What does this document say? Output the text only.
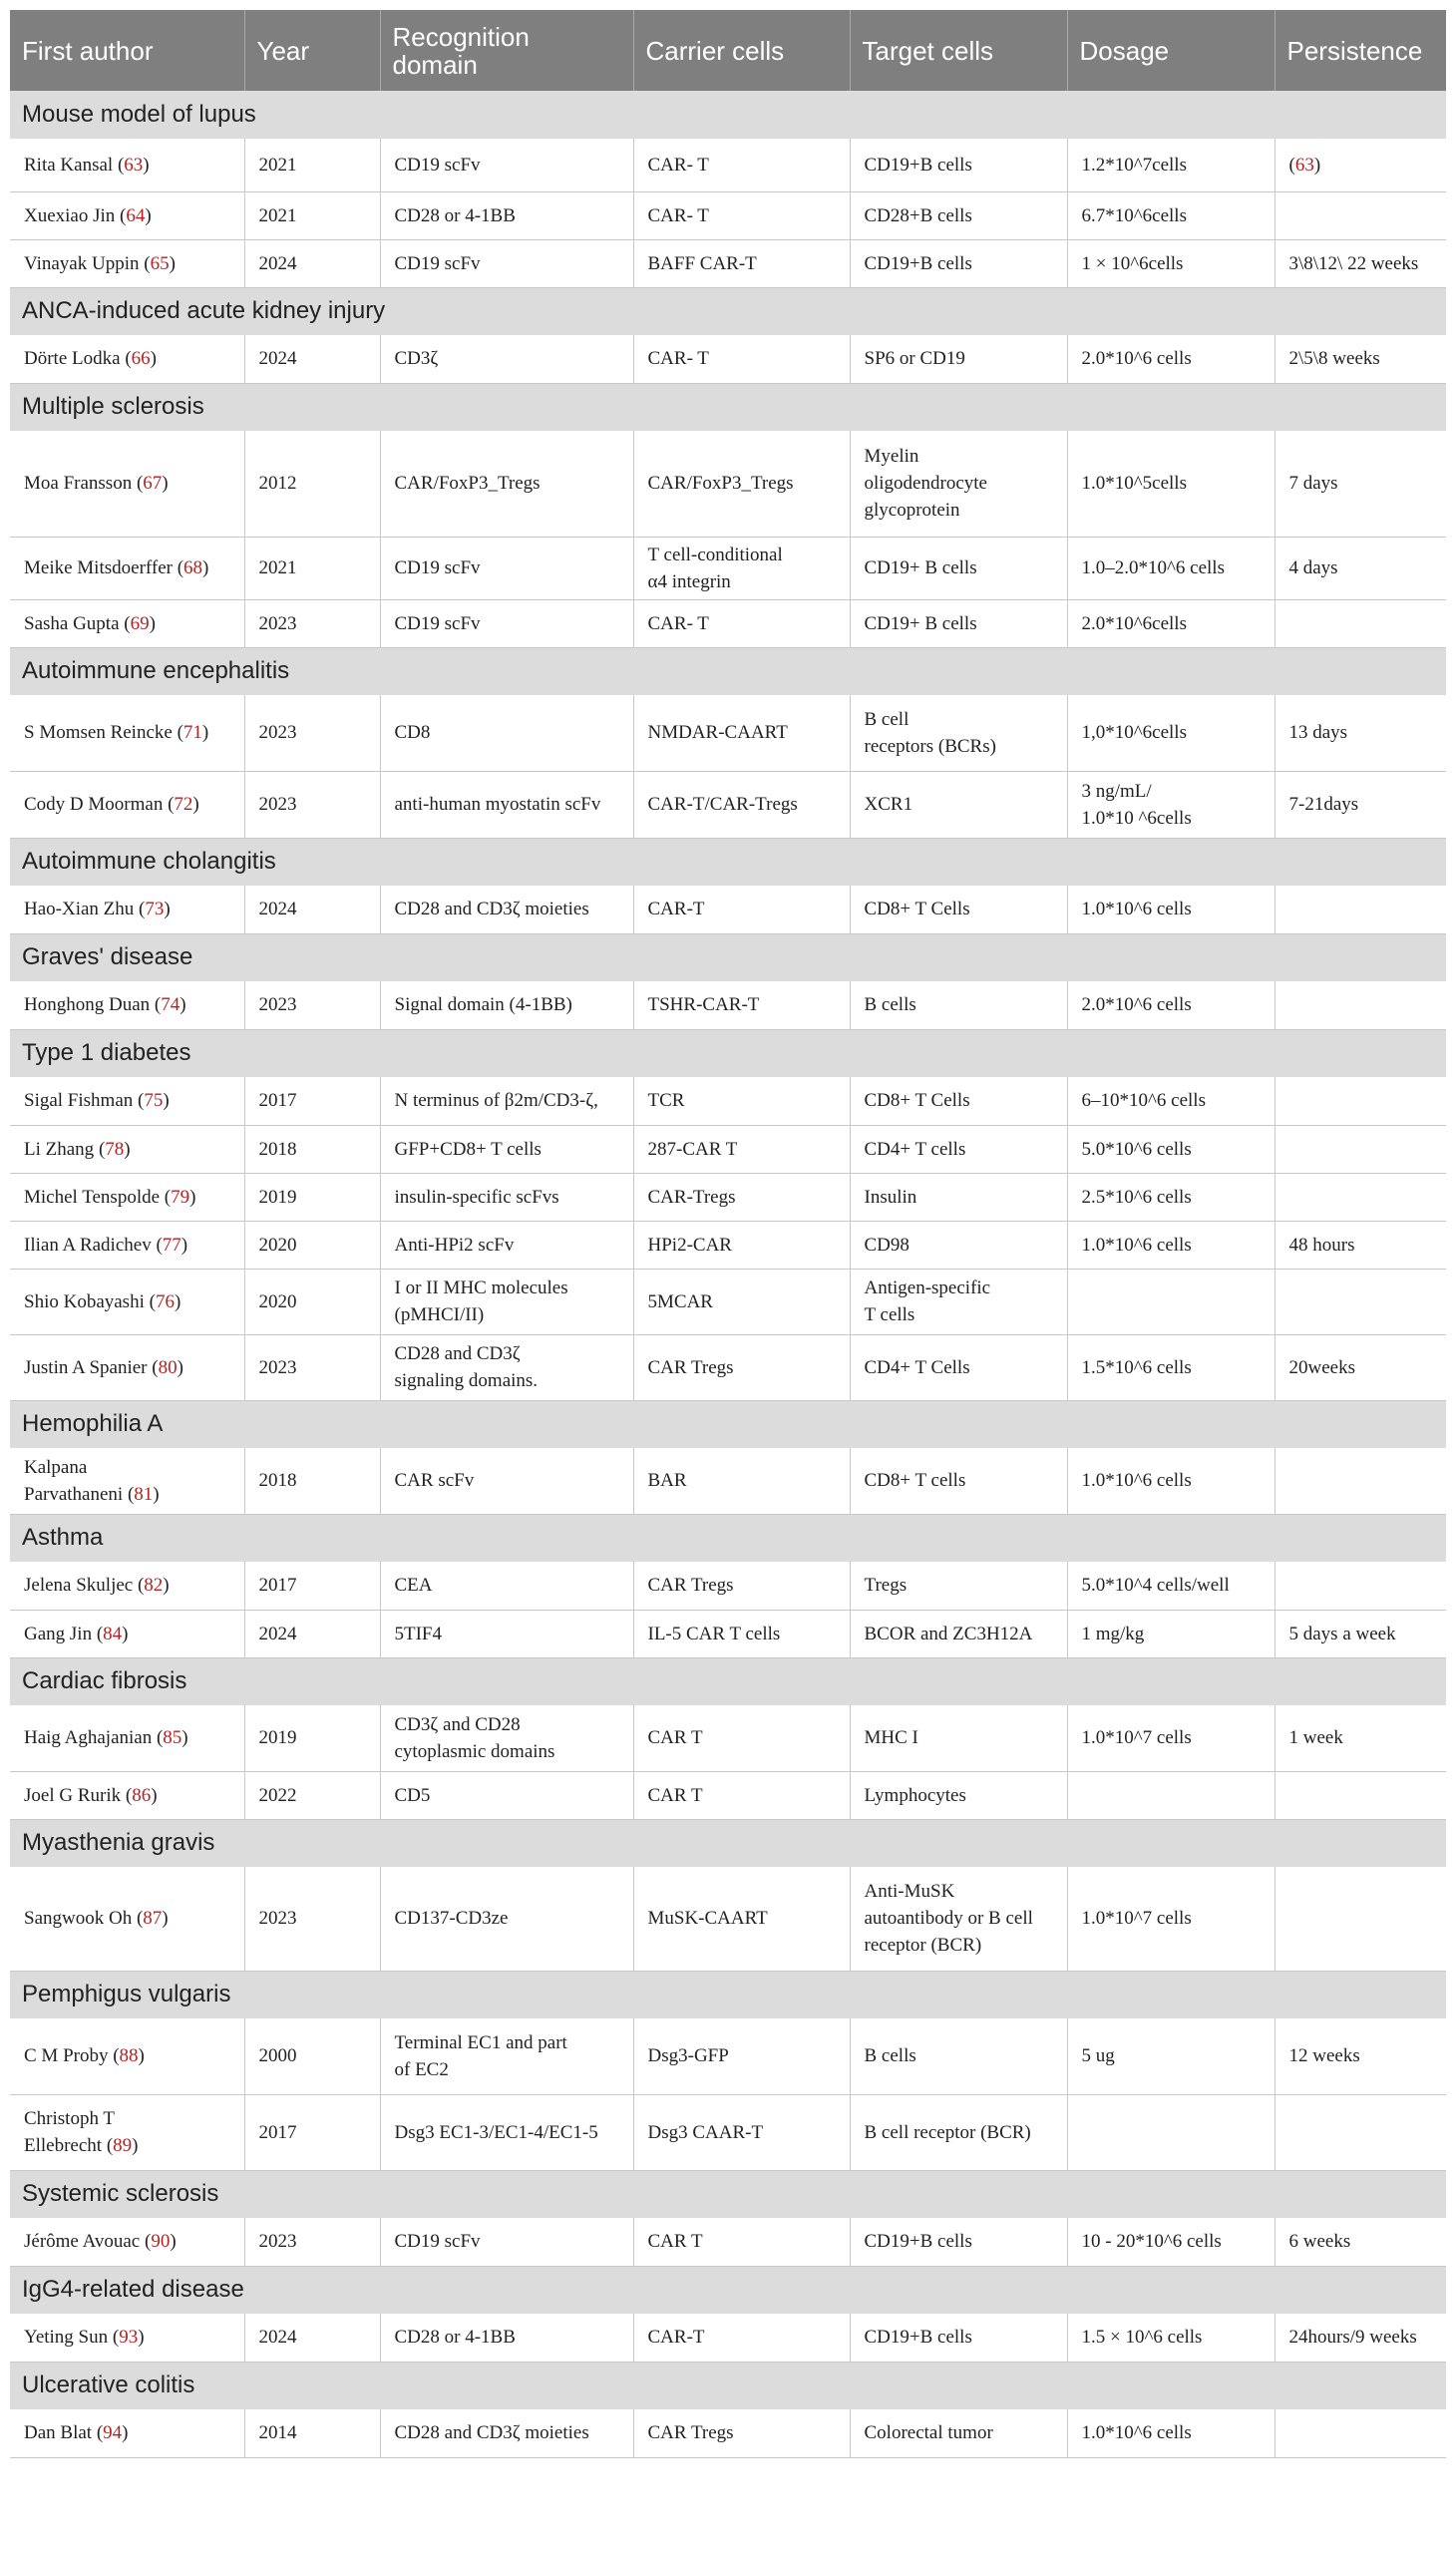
First author	Year	Recognition domain	Carrier cells	Target cells	Dosage	Persistence
Mouse model of lupus						

Rita Kansal (63)	2021	CD19 scFv	CAR- T	CD19+B cells	1.2*10^7cells	(63)

Xuexiao Jin (64)	2021	CD28 or 4-1BB	CAR- T	CD28+B cells	6.7*10^6cells	

Vinayak Uppin (65)	2024	CD19 scFv	BAFF CAR-T	CD19+B cells	1 × 10^6cells	3\8\12\ 22 weeks

ANCA-induced acute kidney injury						

Dörte Lodka (66)	2024	CD3ζ	CAR- T	SP6 or CD19	2.0*10^6 cells	2\5\8 weeks

Multiple sclerosis						

Moa Fransson (67)	2012	CAR/FoxP3_Tregs	CAR/FoxP3_Tregs	Myelin
oligodendrocyte
glycoprotein	1.0*10^5cells	7 days

Meike Mitsdoerffer (68)	2021	CD19 scFv	T cell-conditional
α4 integrin	CD19+ B cells	1.0–2.0*10^6 cells	4 days

Sasha Gupta (69)	2023	CD19 scFv	CAR- T	CD19+ B cells	2.0*10^6cells	

Autoimmune encephalitis						

S Momsen Reincke (71)	2023	CD8	NMDAR-CAART	B cell
receptors (BCRs)	1,0*10^6cells	13 days

Cody D Moorman (72)	2023	anti-human myostatin scFv	CAR-T/CAR-Tregs	XCR1	3 ng/mL/
1.0*10 ^6cells	7-21days

Autoimmune cholangitis						

Hao-Xian Zhu (73)	2024	CD28 and CD3ζ moieties	CAR-T	CD8+ T Cells	1.0*10^6 cells	

Graves' disease						

Honghong Duan (74)	2023	Signal domain (4-1BB)	TSHR-CAR-T	B cells	2.0*10^6 cells	

Type 1 diabetes						

Sigal Fishman (75)	2017	N terminus of β2m/CD3-ζ,	TCR	CD8+ T Cells	6–10*10^6 cells	

Li Zhang (78)	2018	GFP+CD8+ T cells	287-CAR T	CD4+ T cells	5.0*10^6 cells	

Michel Tenspolde (79)	2019	insulin-specific scFvs	CAR-Tregs	Insulin	2.5*10^6 cells	

Ilian A Radichev (77)	2020	Anti-HPi2 scFv	HPi2-CAR	CD98	1.0*10^6 cells	48 hours

Shio Kobayashi (76)	2020	I or II MHC molecules
(pMHCI/II)	5MCAR	Antigen-specific
T cells		

Justin A Spanier (80)	2023	CD28 and CD3ζ
signaling domains.	CAR Tregs	CD4+ T Cells	1.5*10^6 cells	20weeks

Hemophilia A						

Kalpana
Parvathaneni (81)	2018	CAR scFv	BAR	CD8+ T cells	1.0*10^6 cells	

Asthma						

Jelena Skuljec (82)	2017	CEA	CAR Tregs	Tregs	5.0*10^4 cells/well	

Gang Jin (84)	2024	5TIF4	IL-5 CAR T cells	BCOR and ZC3H12A	1 mg/kg	5 days a week

Cardiac fibrosis						

Haig Aghajanian (85)	2019	CD3ζ and CD28
cytoplasmic domains	CAR T	MHC I	1.0*10^7 cells	1 week

Joel G Rurik (86)	2022	CD5	CAR T	Lymphocytes		

Myasthenia gravis						

Sangwook Oh (87)	2023	CD137-CD3ze	MuSK-CAART	Anti-MuSK
autoantibody or B cell
receptor (BCR)	1.0*10^7 cells	

Pemphigus vulgaris						

C M Proby (88)	2000	Terminal EC1 and part
of EC2	Dsg3-GFP	B cells	5 ug	12 weeks

Christoph T
Ellebrecht (89)	2017	Dsg3 EC1-3/EC1-4/EC1-5	Dsg3 CAAR-T	B cell receptor (BCR)		

Systemic sclerosis						

Jérôme Avouac (90)	2023	CD19 scFv	CAR T	CD19+B cells	10 - 20*10^6 cells	6 weeks

IgG4-related disease						

Yeting Sun (93)	2024	CD28 or 4-1BB	CAR-T	CD19+B cells	1.5 × 10^6 cells	24hours/9 weeks

Ulcerative colitis						

Dan Blat (94)	2014	CD28 and CD3ζ moieties	CAR Tregs	Colorectal tumor	1.0*10^6 cells	
